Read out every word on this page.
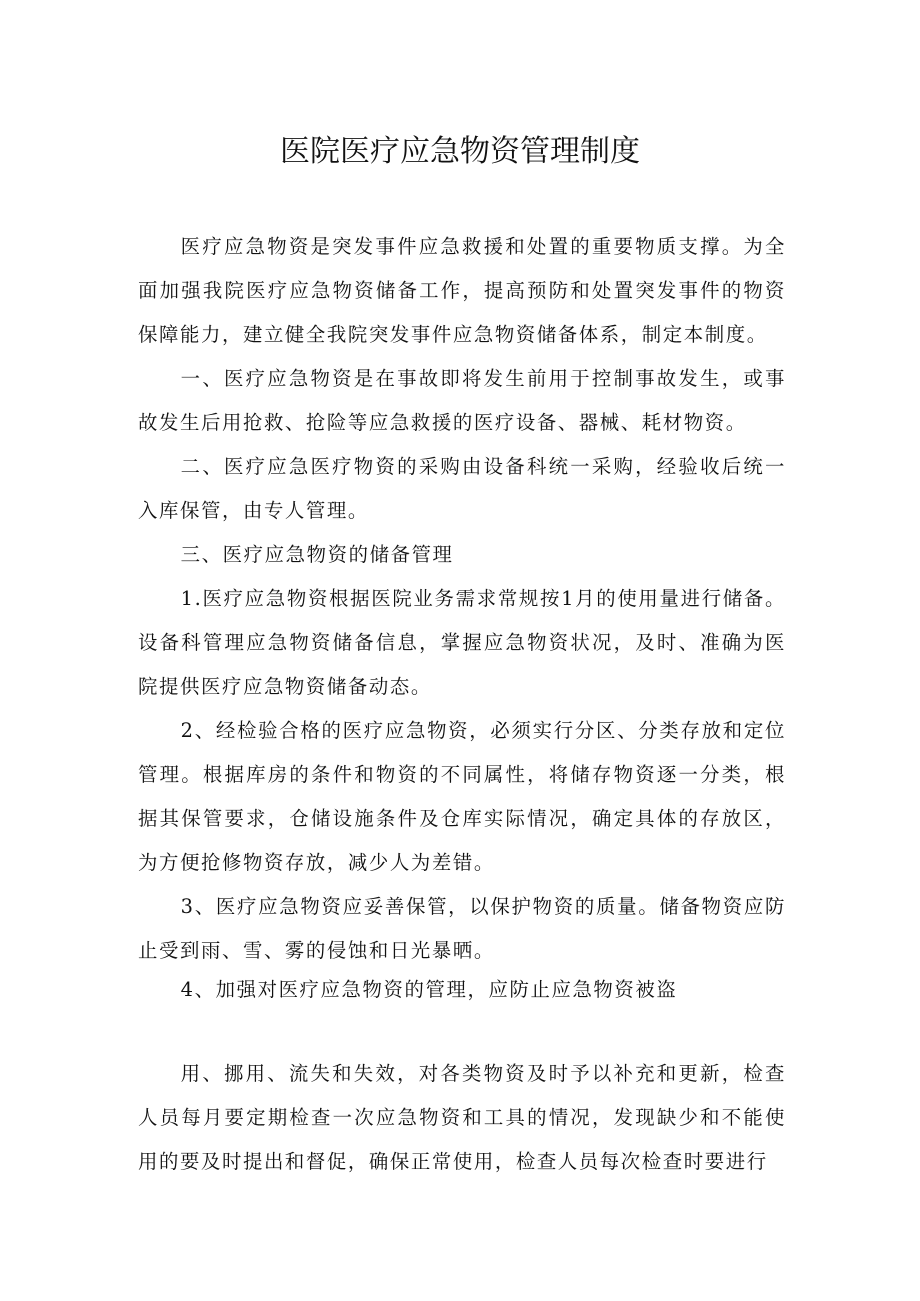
医院医疗应急物资管理制度

医疗应急物资是突发事件应急救援和处置的重要物质支撑。为全面加强我院医疗应急物资储备工作，提高预防和处置突发事件的物资保障能力，建立健全我院突发事件应急物资储备体系，制定本制度。

一、医疗应急物资是在事故即将发生前用于控制事故发生，或事故发生后用抢救、抢险等应急救援的医疗设备、器械、耗材物资。

二、医疗应急医疗物资的采购由设备科统一采购，经验收后统一入库保管，由专人管理。

三、医疗应急物资的储备管理

1.医疗应急物资根据医院业务需求常规按1月的使用量进行储备。设备科管理应急物资储备信息，掌握应急物资状况，及时、准确为医院提供医疗应急物资储备动态。

2、经检验合格的医疗应急物资，必须实行分区、分类存放和定位管理。根据库房的条件和物资的不同属性，将储存物资逐一分类，根据其保管要求，仓储设施条件及仓库实际情况，确定具体的存放区，为方便抢修物资存放，减少人为差错。

3、医疗应急物资应妥善保管，以保护物资的质量。储备物资应防止受到雨、雪、雾的侵蚀和日光暴晒。

4、加强对医疗应急物资的管理，应防止应急物资被盗

用、挪用、流失和失效，对各类物资及时予以补充和更新，检查人员每月要定期检查一次应急物资和工具的情况，发现缺少和不能使用的要及时提出和督促，确保正常使用，检查人员每次检查时要进行
